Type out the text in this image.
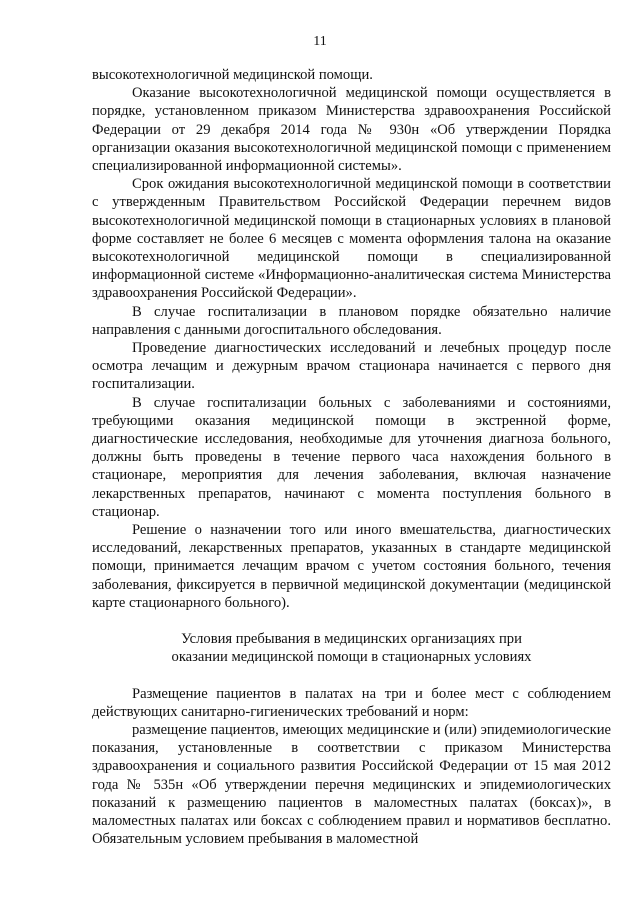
11

высокотехнологичной медицинской помощи.

Оказание высокотехнологичной медицинской помощи осуществляется в порядке, установленном приказом Министерства здравоохранения Российской Федерации от 29 декабря 2014 года № 930н «Об утверждении Порядка организации оказания высокотехнологичной медицинской помощи с применением специализированной информационной системы».

Срок ожидания высокотехнологичной медицинской помощи в соответствии с утвержденным Правительством Российской Федерации перечнем видов высокотехнологичной медицинской помощи в стационарных условиях в плановой форме составляет не более 6 месяцев с момента оформления талона на оказание высокотехнологичной медицинской помощи в специализированной информационной системе «Информационно-аналитическая система Министерства здравоохранения Российской Федерации».

В случае госпитализации в плановом порядке обязательно наличие направления с данными догоспитального обследования.

Проведение диагностических исследований и лечебных процедур после осмотра лечащим и дежурным врачом стационара начинается с первого дня госпитализации.

В случае госпитализации больных с заболеваниями и состояниями, требующими оказания медицинской помощи в экстренной форме, диагностические исследования, необходимые для уточнения диагноза больного, должны быть проведены в течение первого часа нахождения больного в стационаре, мероприятия для лечения заболевания, включая назначение лекарственных препаратов, начинают с момента поступления больного в стационар.

Решение о назначении того или иного вмешательства, диагностических исследований, лекарственных препаратов, указанных в стандарте медицинской помощи, принимается лечащим врачом с учетом состояния больного, течения заболевания, фиксируется в первичной медицинской документации (медицинской карте стационарного больного).

Условия пребывания в медицинских организациях при
оказании медицинской помощи в стационарных условиях

Размещение пациентов в палатах на три и более мест с соблюдением действующих санитарно-гигиенических требований и норм:

размещение пациентов, имеющих медицинские и (или) эпидемиологические показания, установленные в соответствии с приказом Министерства здравоохранения и социального развития Российской Федерации от 15 мая 2012 года № 535н «Об утверждении перечня медицинских и эпидемиологических показаний к размещению пациентов в маломестных палатах (боксах)», в маломестных палатах или боксах с соблюдением правил и нормативов бесплатно. Обязательным условием пребывания в маломестной
